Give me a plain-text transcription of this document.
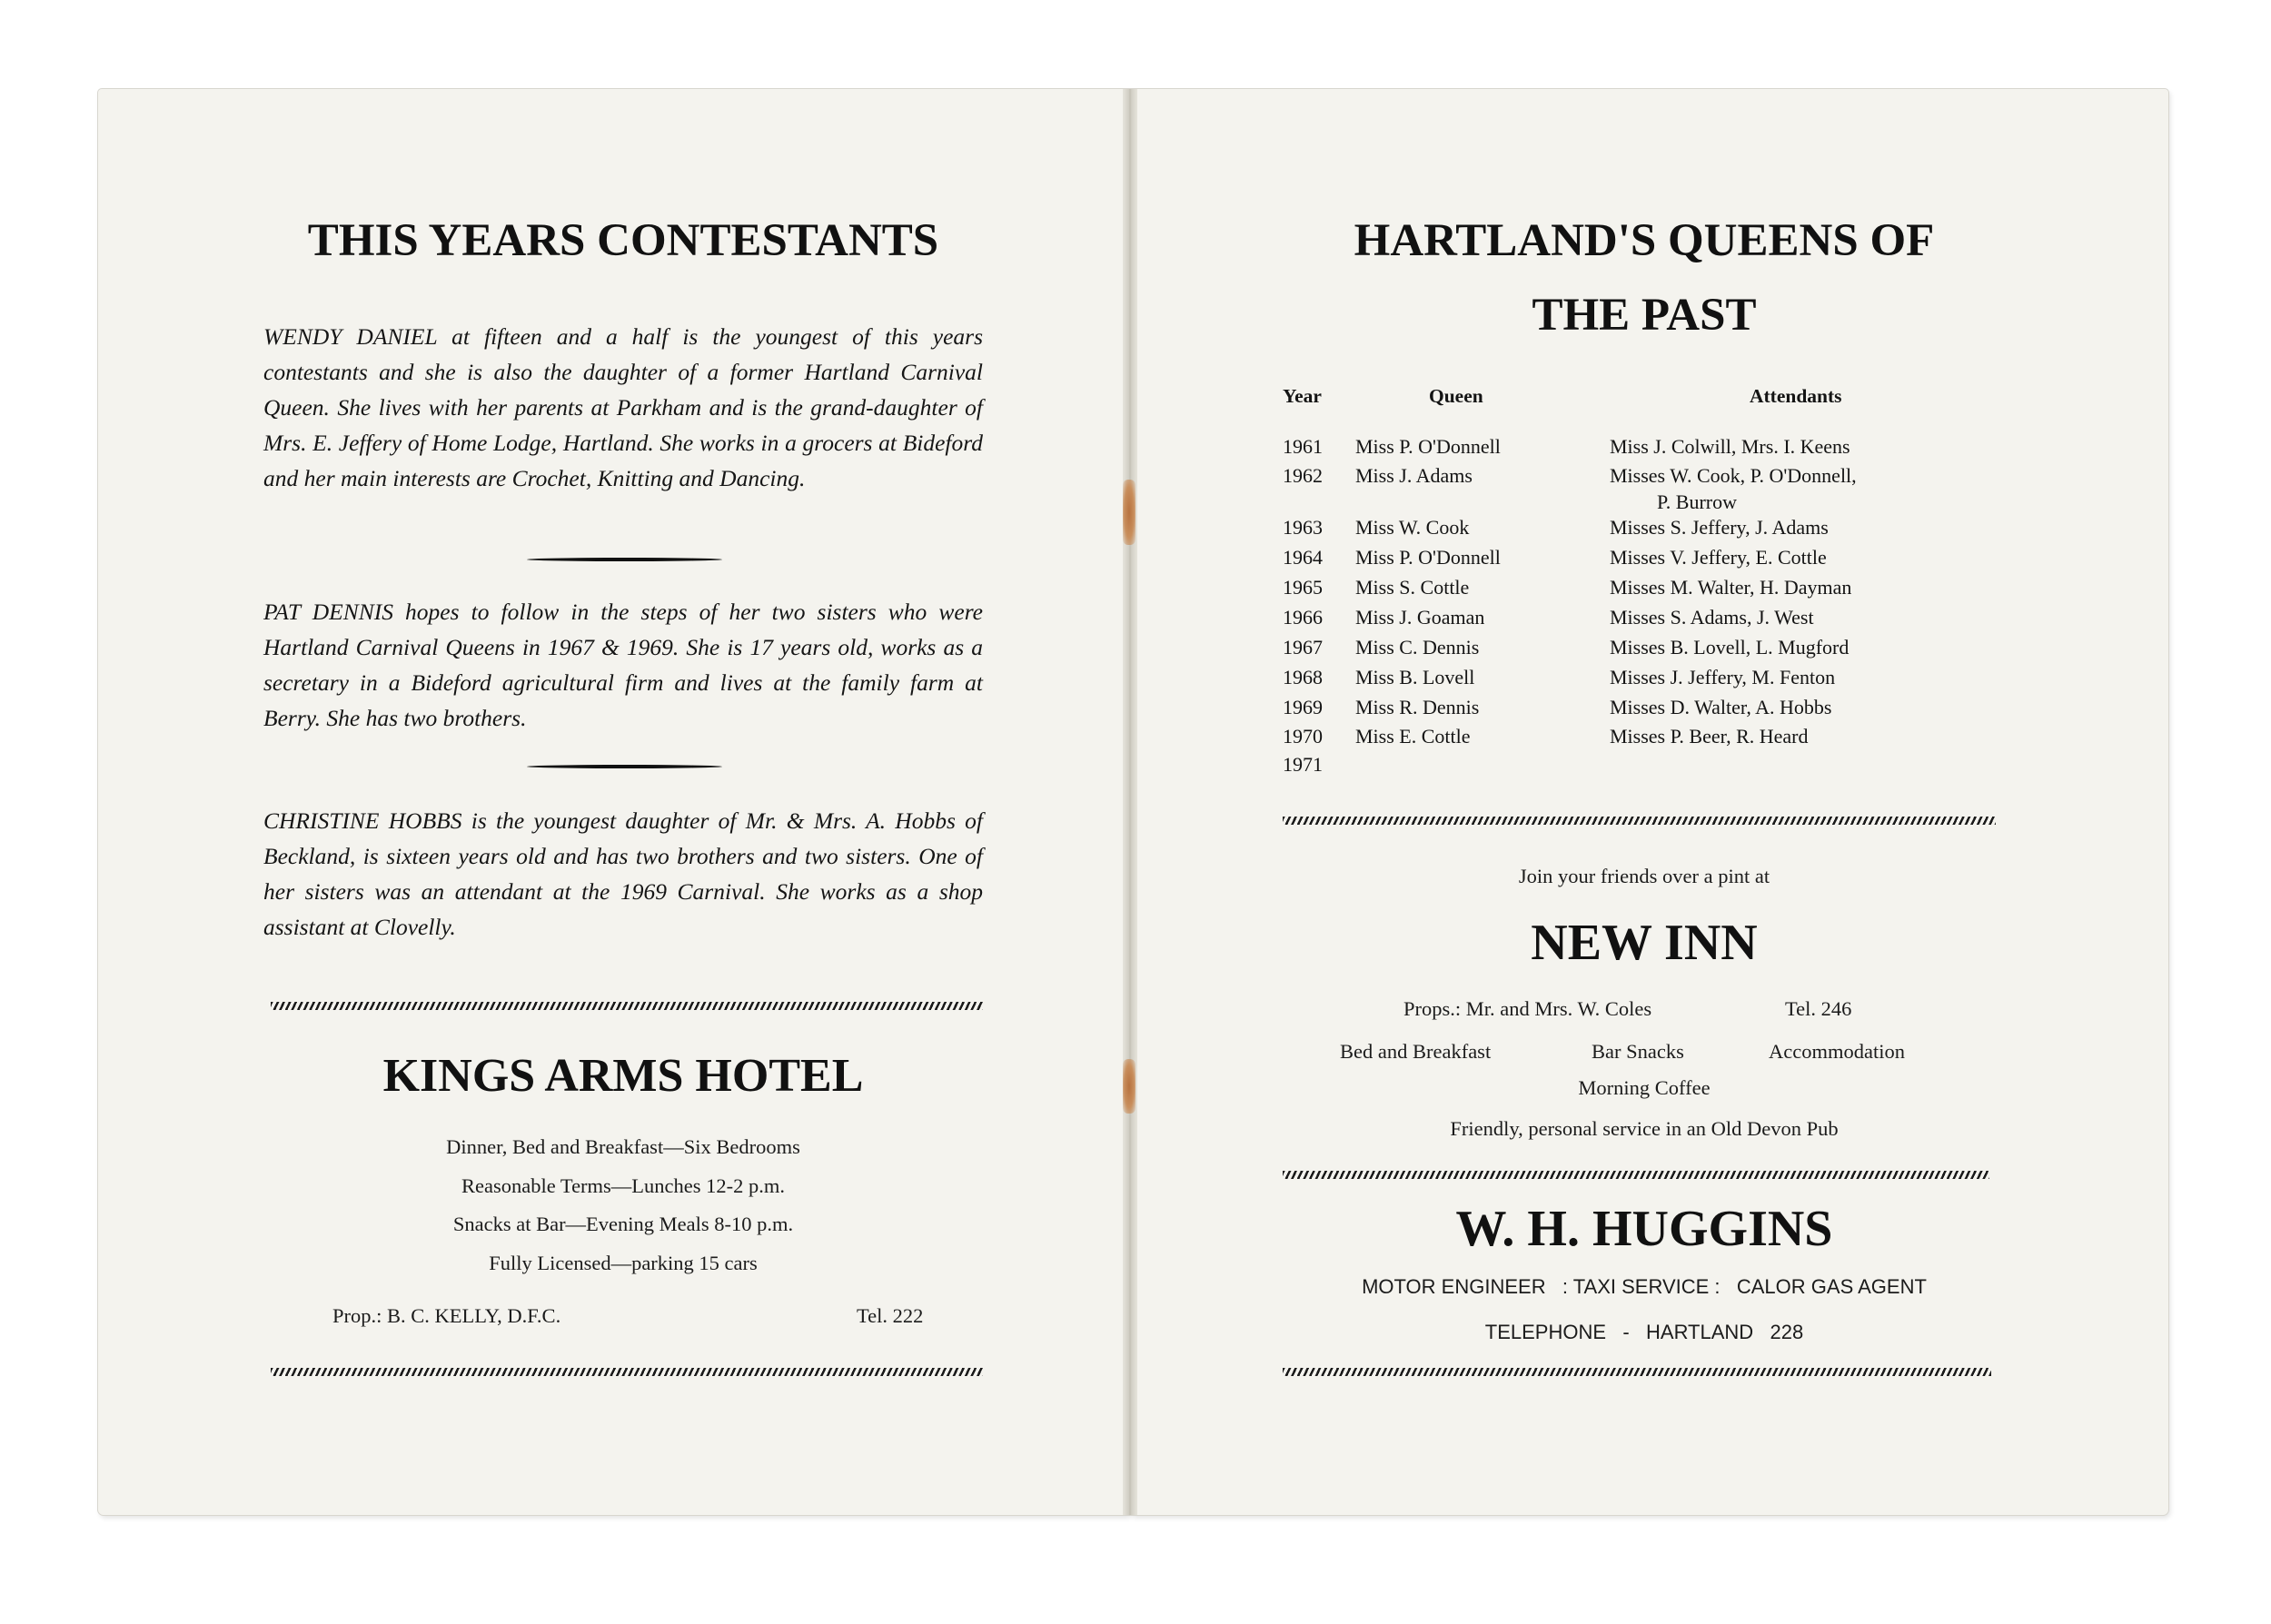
THIS YEARS CONTESTANTS

WENDY DANIEL at fifteen and a half is the youngest of this years contestants and she is also the daughter of a former Hartland Carnival Queen. She lives with her parents at Parkham and is the grand-daughter of Mrs. E. Jeffery of Home Lodge, Hartland. She works in a grocers at Bideford and her main interests are Crochet, Knitting and Dancing.

PAT DENNIS hopes to follow in the steps of her two sisters who were Hartland Carnival Queens in 1967 & 1969. She is 17 years old, works as a secretary in a Bideford agricultural firm and lives at the family farm at Berry. She has two brothers.

CHRISTINE HOBBS is the youngest daughter of Mr. & Mrs. A. Hobbs of Beckland, is sixteen years old and has two brothers and two sisters. One of her sisters was an attendant at the 1969 Carnival. She works as a shop assistant at Clovelly.

KINGS ARMS HOTEL

Dinner, Bed and Breakfast—Six Bedrooms

Reasonable Terms—Lunches 12-2 p.m.

Snacks at Bar—Evening Meals 8-10 p.m.

Fully Licensed—parking 15 cars

Prop.: B. C. KELLY, D.F.C.	Tel. 222

HARTLAND'S QUEENS OF
THE PAST
Year	Queen	Attendants
1961 Miss P. O'Donnell	Miss J. Colwill, Mrs. I. Keens
1962 Miss J. Adams	Misses W. Cook, P. O'Donnell,
P. Burrow
1963 Miss W. Cook	Misses S. Jeffery, J. Adams
1964 Miss P. O'Donnell	Misses V. Jeffery, E. Cottle
1965 Miss S. Cottle	Misses M. Walter, H. Dayman
1966 Miss J. Goaman	Misses S. Adams, J. West
1967 Miss C. Dennis	Misses B. Lovell, L. Mugford
1968 Miss B. Lovell	Misses J. Jeffery, M. Fenton
1969 Miss R. Dennis	Misses D. Walter, A. Hobbs
1970 Miss E. Cottle	Misses P. Beer, R. Heard
1971

Join your friends over a pint at

NEW INN

Props.: Mr. and Mrs. W. Coles	Tel. 246

Bed and Breakfast	Bar Snacks	Accommodation

Morning Coffee

Friendly, personal service in an Old Devon Pub

W. H. HUGGINS

MOTOR ENGINEER   : TAXI SERVICE :   CALOR GAS AGENT

TELEPHONE   -   HARTLAND   228
